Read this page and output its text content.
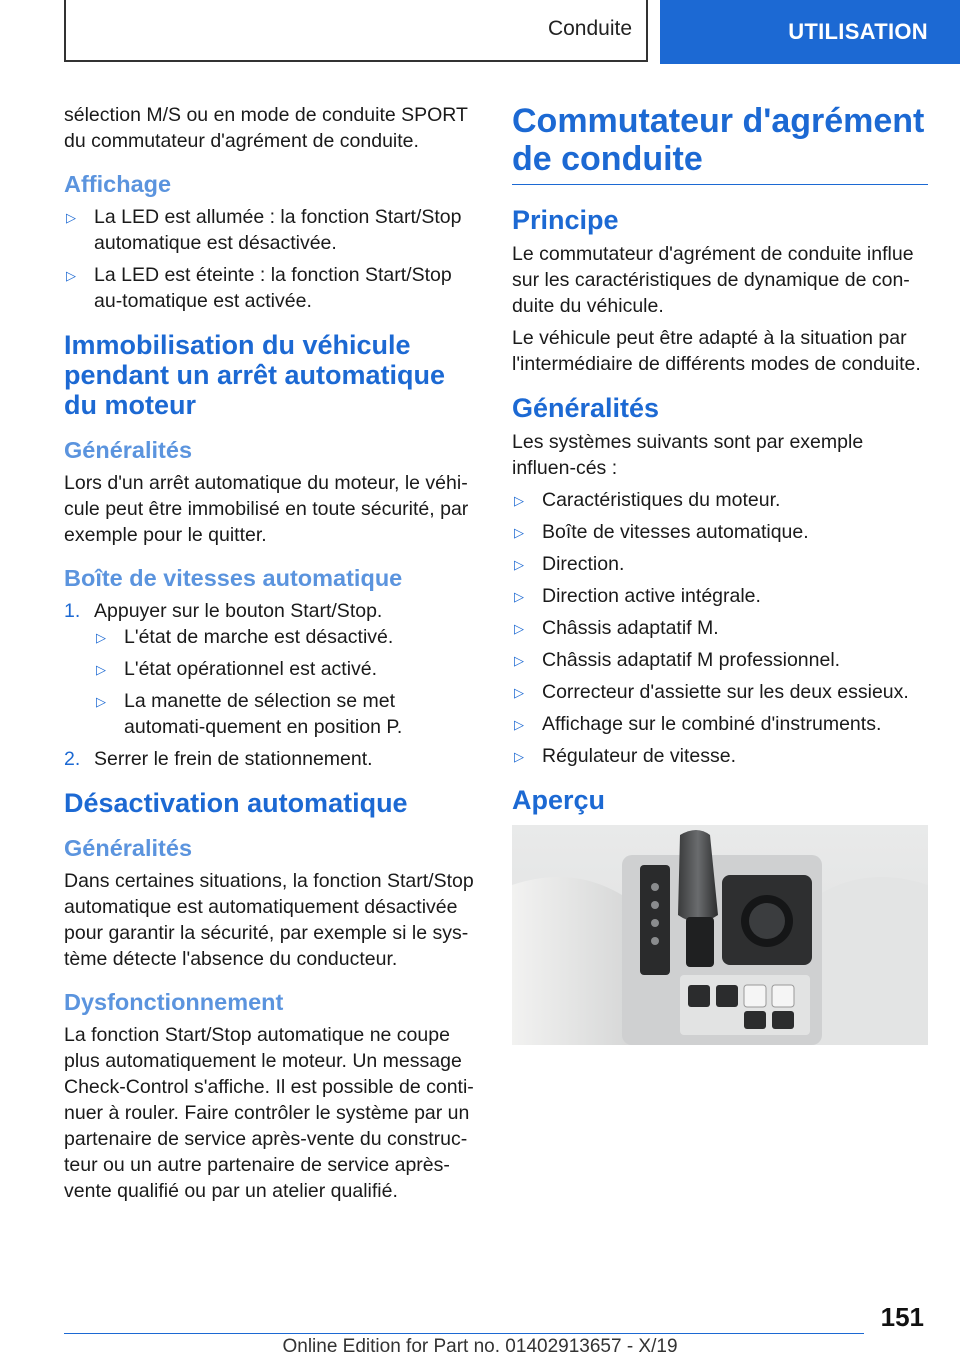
Conduite	UTILISATION

sélection M/S ou en mode de conduite SPORT du commutateur d'agrément de conduite.

Affichage
▷ La LED est allumée : la fonction Start/Stop automatique est désactivée.
▷ La LED est éteinte : la fonction Start/Stop au‐tomatique est activée.
Immobilisation du véhicule pendant un arrêt automatique du moteur
Généralités

Lors d'un arrêt automatique du moteur, le véhi‐cule peut être immobilisé en toute sécurité, par exemple pour le quitter.

Boîte de vitesses automatique
1. Appuyer sur le bouton Start/Stop.
▷ L'état de marche est désactivé.
▷ L'état opérationnel est activé.
▷ La manette de sélection se met automati‐quement en position P.
2. Serrer le frein de stationnement.
Désactivation automatique
Généralités

Dans certaines situations, la fonction Start/Stop automatique est automatiquement désactivée pour garantir la sécurité, par exemple si le sys‐tème détecte l'absence du conducteur.

Dysfonctionnement

La fonction Start/Stop automatique ne coupe plus automatiquement le moteur. Un message Check-Control s'affiche. Il est possible de conti‐nuer à rouler. Faire contrôler le système par un partenaire de service après-vente du construc‐teur ou un autre partenaire de service après-vente qualifié ou par un atelier qualifié.

Commutateur d'agrément de conduite
Principe

Le commutateur d'agrément de conduite influe sur les caractéristiques de dynamique de con‐duite du véhicule.

Le véhicule peut être adapté à la situation par l'intermédiaire de différents modes de conduite.

Généralités

Les systèmes suivants sont par exemple influen‐cés :

▷ Caractéristiques du moteur.
▷ Boîte de vitesses automatique.
▷ Direction.
▷ Direction active intégrale.
▷ Châssis adaptatif M.
▷ Châssis adaptatif M professionnel.
▷ Correcteur d'assiette sur les deux essieux.
▷ Affichage sur le combiné d'instruments.
▷ Régulateur de vitesse.
Aperçu
151
Online Edition for Part no. 01402913657 - X/19
